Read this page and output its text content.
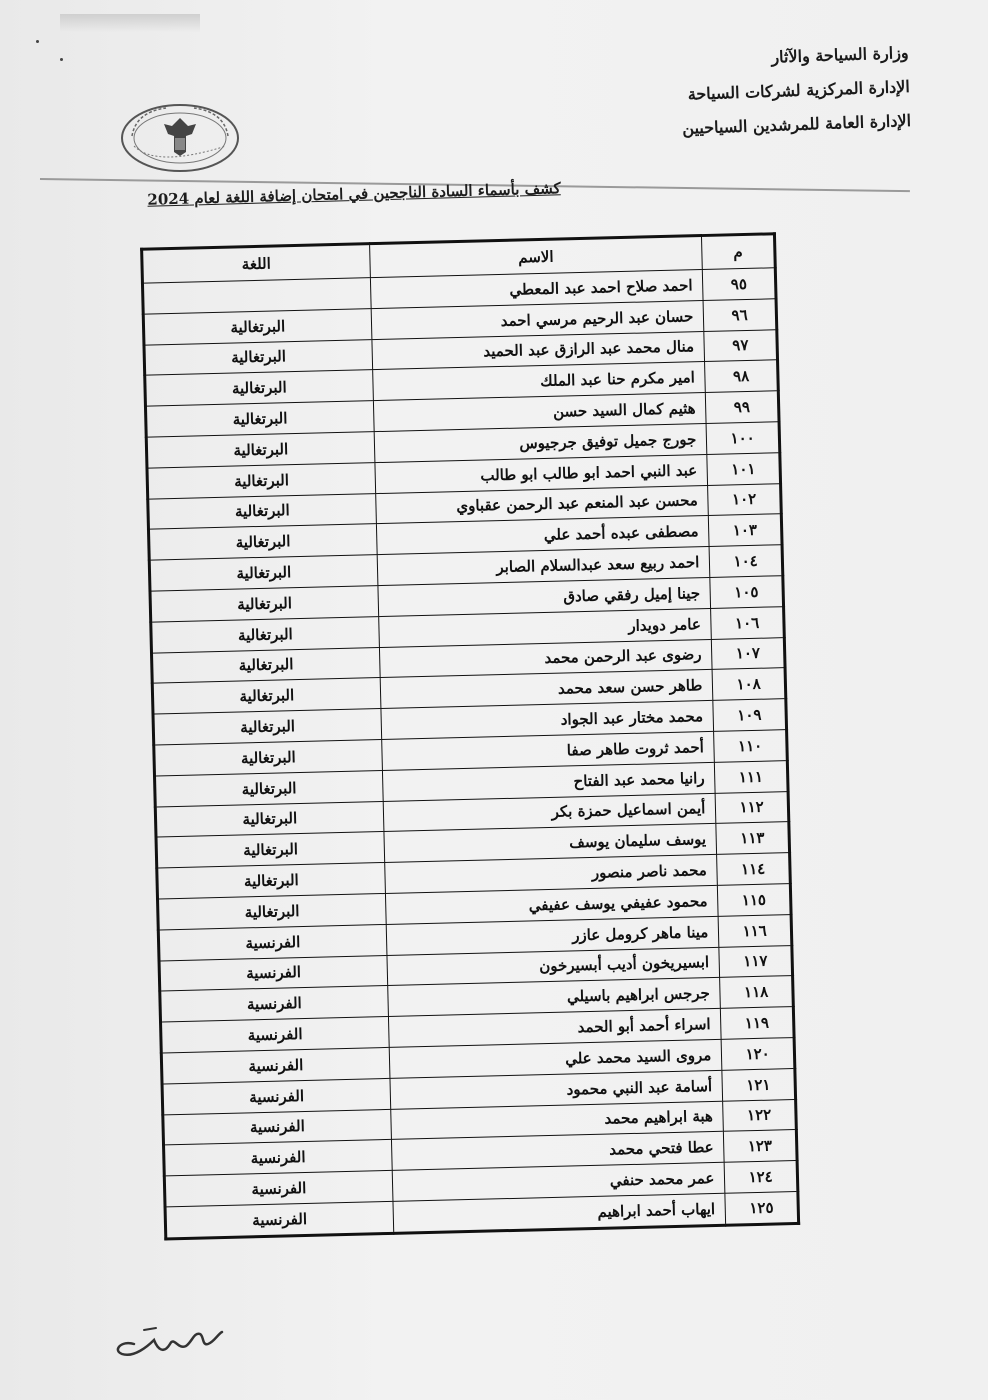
وزارة السياحة والآثار
الإدارة المركزية لشركات السياحة
الإدارة العامة للمرشدين السياحيين
كشف بأسماء السادة الناجحين في امتحان إضافة اللغة لعام 2024
م	الاسم	اللغة
٩٥	احمد صلاح احمد عبد المعطي	
٩٦	حسان عبد الرحيم مرسي احمد	البرتغالية
٩٧	منال محمد عبد الرازق عبد الحميد	البرتغالية
٩٨	امير مكرم حنا عبد الملك	البرتغالية
٩٩	هثيم كمال السيد حسن	البرتغالية
١٠٠	جورج جميل توفيق جرجيوس	البرتغالية
١٠١	عبد النبي احمد ابو طالب ابو طالب	البرتغالية
١٠٢	محسن عبد المنعم عبد الرحمن عقباوي	البرتغالية
١٠٣	مصطفى عبده أحمد علي	البرتغالية
١٠٤	احمد ربيع سعد عبدالسلام الصابر	البرتغالية
١٠٥	جينا إميل رفقي صادق	البرتغالية
١٠٦	عامر دويدار	البرتغالية
١٠٧	رضوى عبد الرحمن محمد	البرتغالية
١٠٨	طاهر حسن سعد محمد	البرتغالية
١٠٩	محمد مختار عبد الجواد	البرتغالية
١١٠	أحمد ثروت طاهر صفا	البرتغالية
١١١	رانيا محمد عبد الفتاح	البرتغالية
١١٢	أيمن اسماعيل حمزة بكر	البرتغالية
١١٣	يوسف سليمان يوسف	البرتغالية
١١٤	محمد ناصر منصور	البرتغالية
١١٥	محمود عفيفي يوسف عفيفي	البرتغالية
١١٦	مينا ماهر كرومل عازر	الفرنسية
١١٧	ابسيريخون أديب أبسيرخون	الفرنسية
١١٨	جرجس ابراهيم باسيلي	الفرنسية
١١٩	اسراء أحمد أبو الحمد	الفرنسية
١٢٠	مروى السيد محمد علي	الفرنسية
١٢١	أسامة عبد النبي محمود	الفرنسية
١٢٢	هبة ابراهيم محمد	الفرنسية
١٢٣	عطا فتحي محمد	الفرنسية
١٢٤	عمر محمد حنفي	الفرنسية
١٢٥	ايهاب أحمد ابراهيم	الفرنسية
